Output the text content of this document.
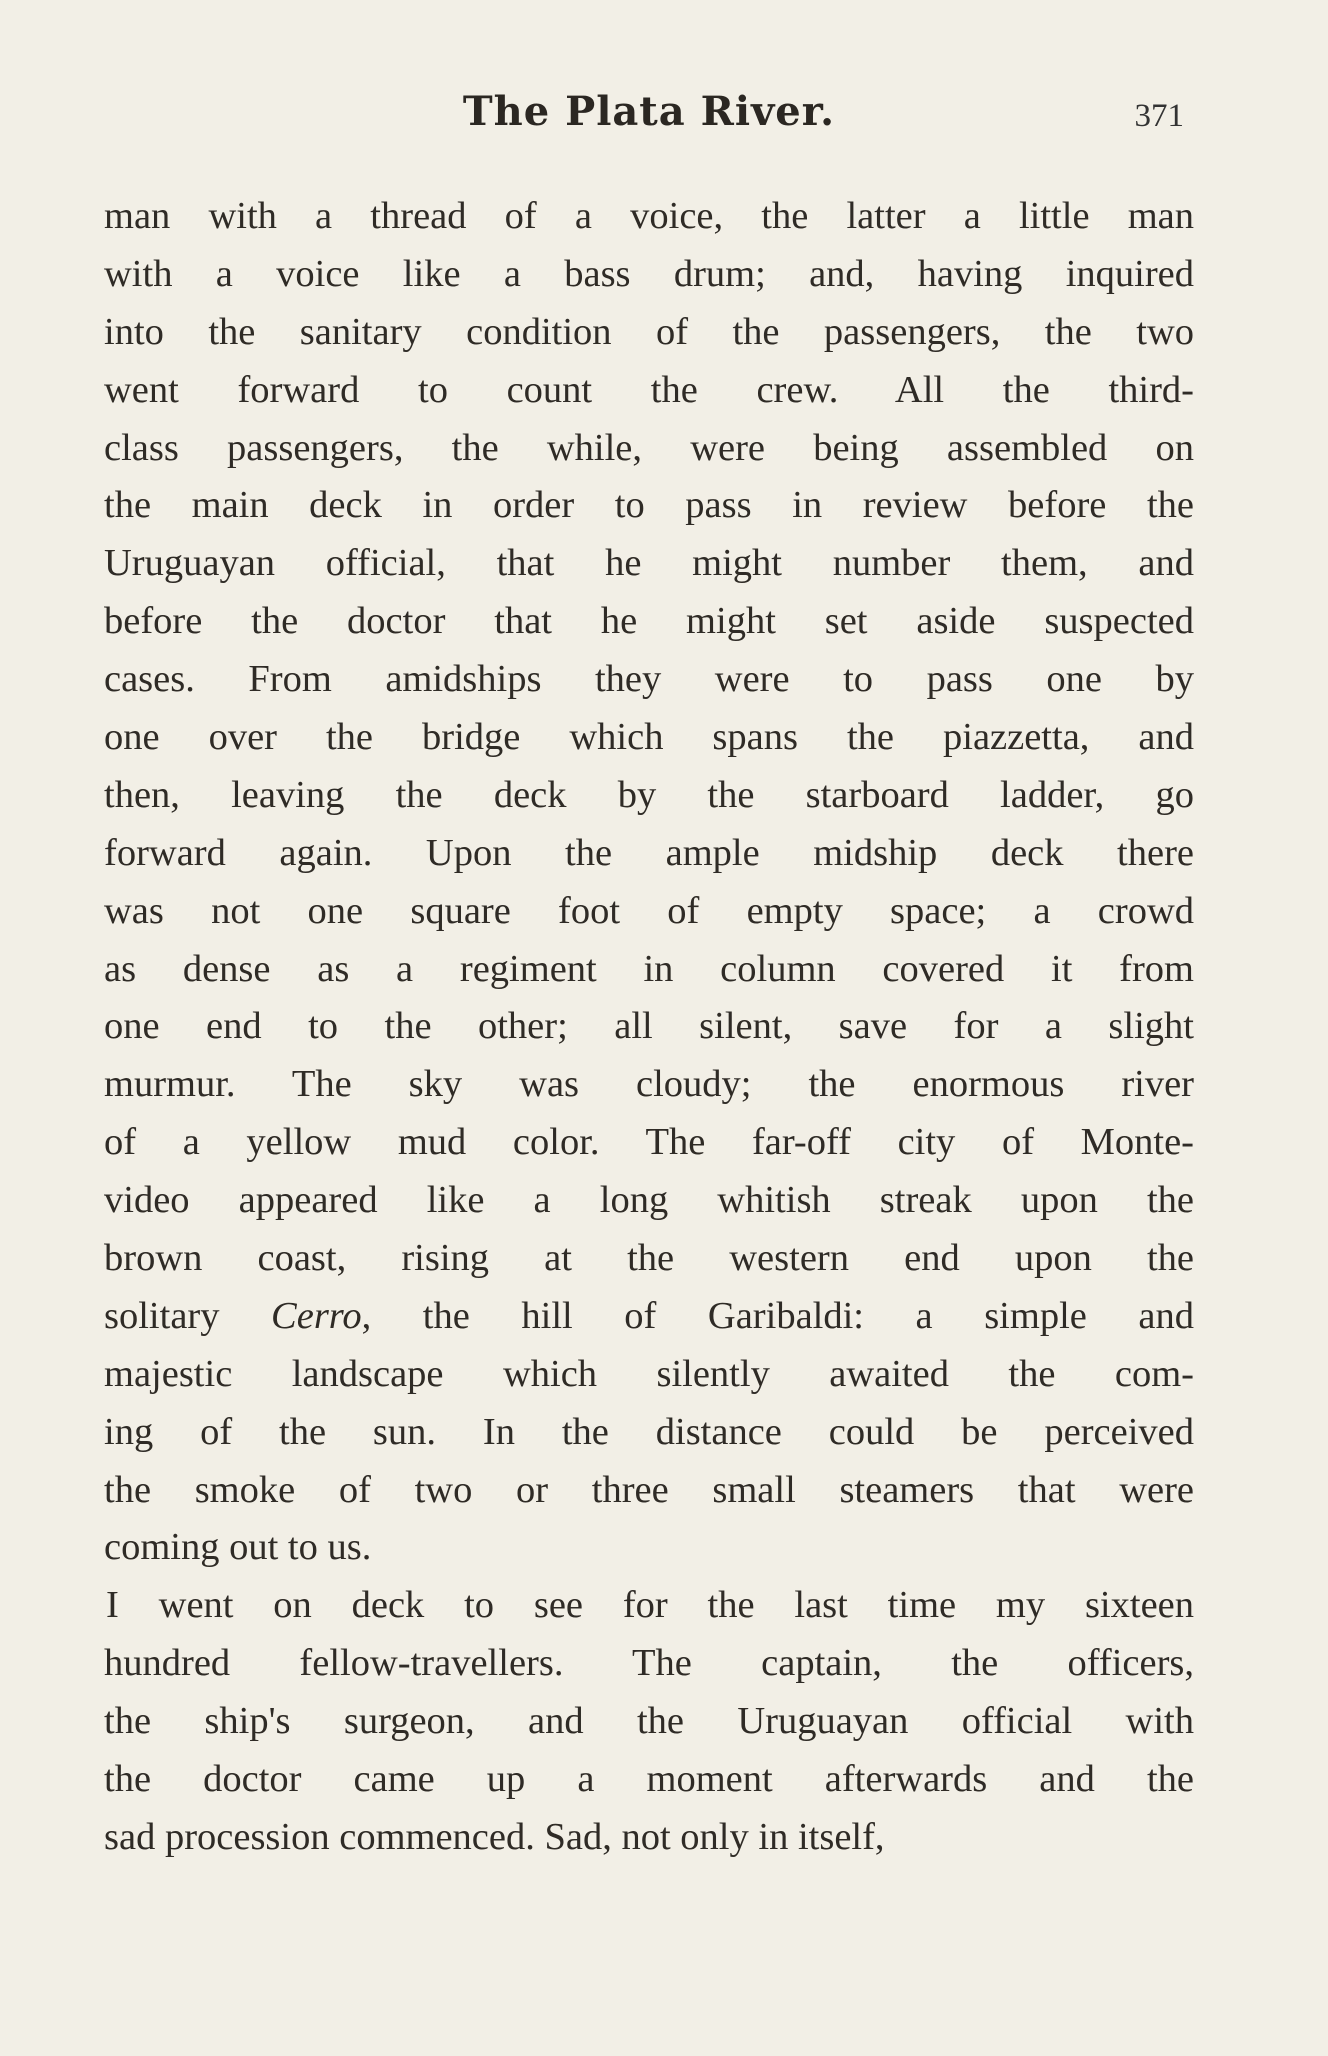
The Plata River.	371
man with a thread of a voice, the latter a little man
with a voice like a bass drum; and, having inquired
into the sanitary condition of the passengers, the two
went forward to count the crew. All the third-
class passengers, the while, were being assembled on
the main deck in order to pass in review before the
Uruguayan official, that he might number them, and
before the doctor that he might set aside suspected
cases. From amidships they were to pass one by
one over the bridge which spans the piazzetta, and
then, leaving the deck by the starboard ladder, go
forward again. Upon the ample midship deck there
was not one square foot of empty space; a crowd
as dense as a regiment in column covered it from
one end to the other; all silent, save for a slight
murmur. The sky was cloudy; the enormous river
of a yellow mud color. The far-off city of Monte-
video appeared like a long whitish streak upon the
brown coast, rising at the western end upon the
solitary Cerro, the hill of Garibaldi: a simple and
majestic landscape which silently awaited the com-
ing of the sun. In the distance could be perceived
the smoke of two or three small steamers that were
coming out to us.
I went on deck to see for the last time my sixteen
hundred fellow-travellers. The captain, the officers,
the ship's surgeon, and the Uruguayan official with
the doctor came up a moment afterwards and the
sad procession commenced. Sad, not only in itself,
